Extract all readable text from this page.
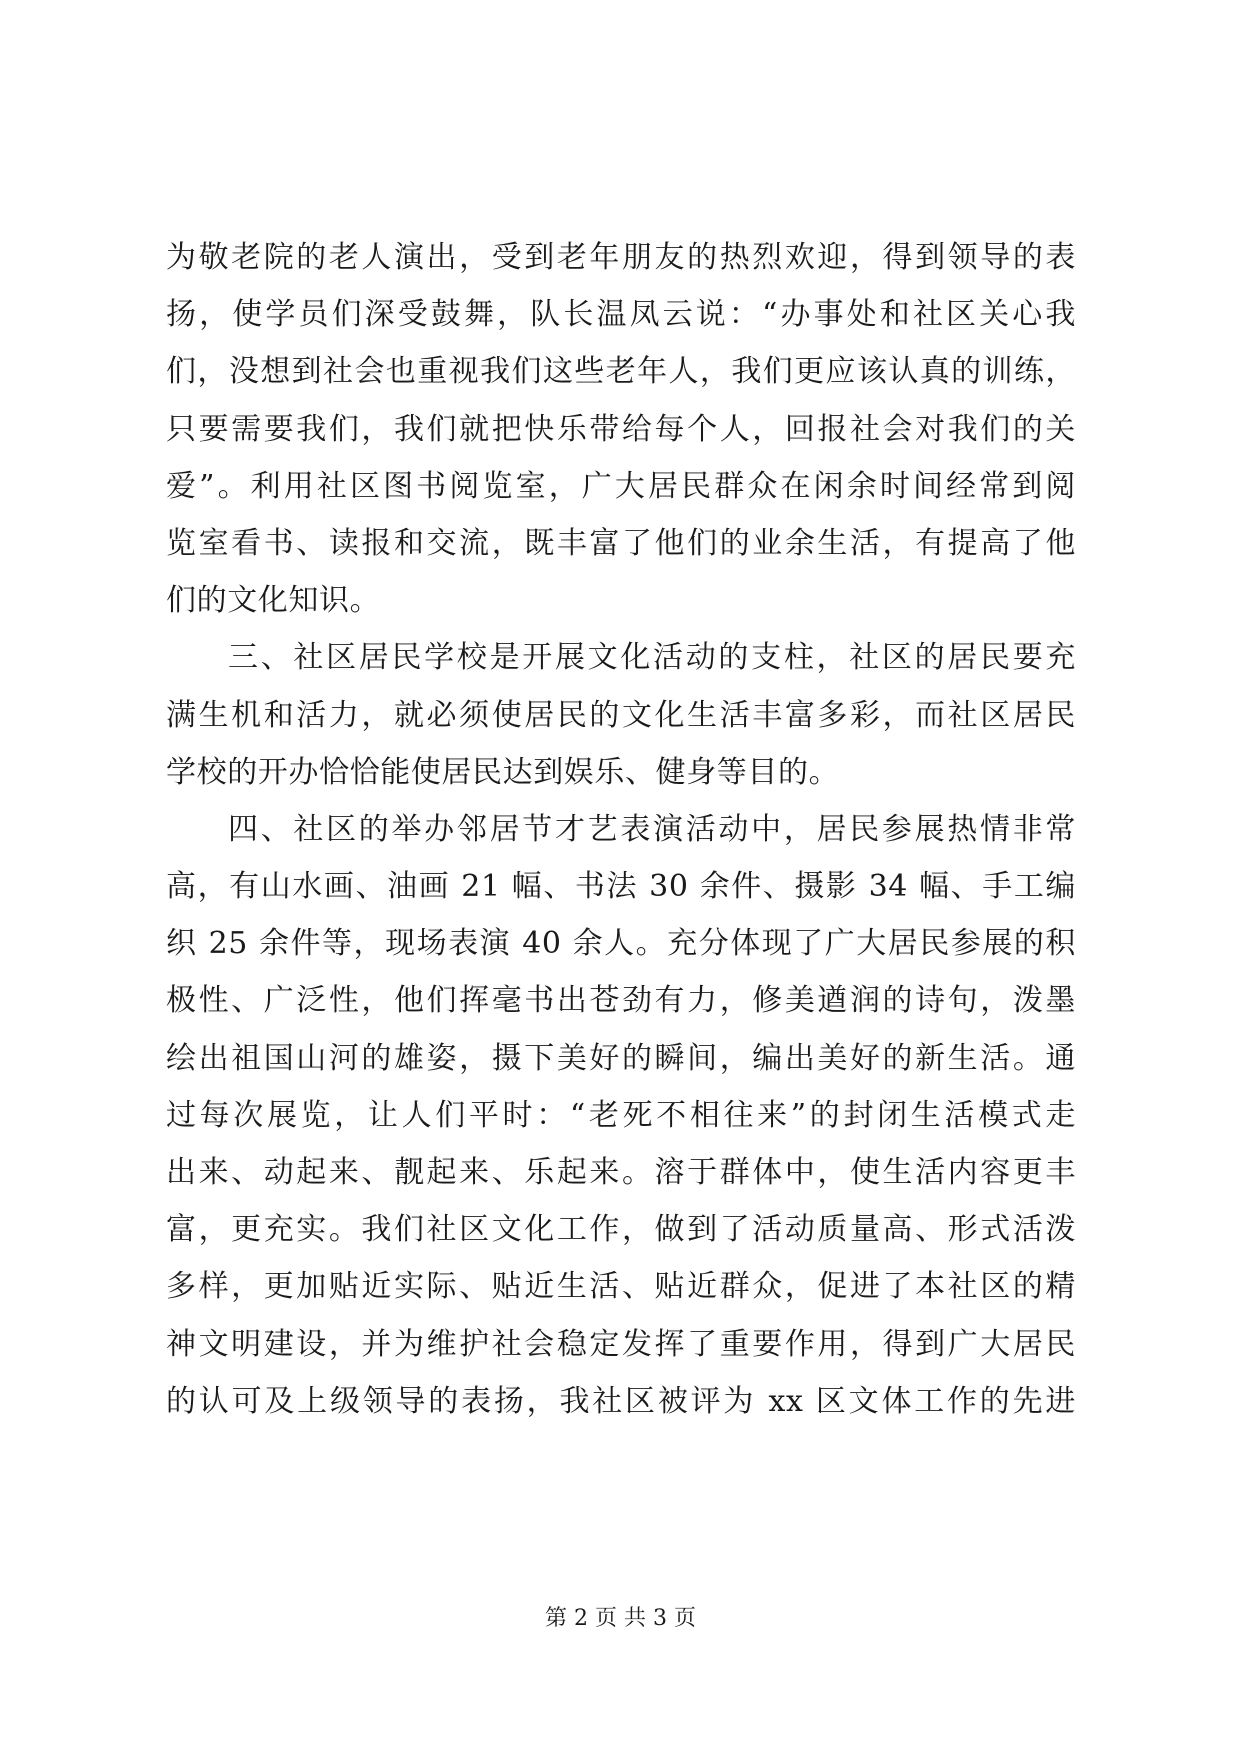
为敬老院的老人演出，受到老年朋友的热烈欢迎，得到领导的表
扬，使学员们深受鼓舞，队长温凤云说：“办事处和社区关心我
们，没想到社会也重视我们这些老年人，我们更应该认真的训练，
只要需要我们，我们就把快乐带给每个人，回报社会对我们的关
爱”。利用社区图书阅览室，广大居民群众在闲余时间经常到阅
览室看书、读报和交流，既丰富了他们的业余生活，有提高了他
们的文化知识。
三、社区居民学校是开展文化活动的支柱，社区的居民要充
满生机和活力，就必须使居民的文化生活丰富多彩，而社区居民
学校的开办恰恰能使居民达到娱乐、健身等目的。
四、社区的举办邻居节才艺表演活动中，居民参展热情非常
高，有山水画、油画 21 幅、书法 30 余件、摄影 34 幅、手工编
织 25 余件等，现场表演 40 余人。充分体现了广大居民参展的积
极性、广泛性，他们挥毫书出苍劲有力，修美遒润的诗句，泼墨
绘出祖国山河的雄姿，摄下美好的瞬间，编出美好的新生活。通
过每次展览，让人们平时：“老死不相往来”的封闭生活模式走
出来、动起来、靓起来、乐起来。溶于群体中，使生活内容更丰
富，更充实。我们社区文化工作，做到了活动质量高、形式活泼
多样，更加贴近实际、贴近生活、贴近群众，促进了本社区的精
神文明建设，并为维护社会稳定发挥了重要作用，得到广大居民
的认可及上级领导的表扬，我社区被评为 xx 区文体工作的先进
第 2 页 共 3 页
